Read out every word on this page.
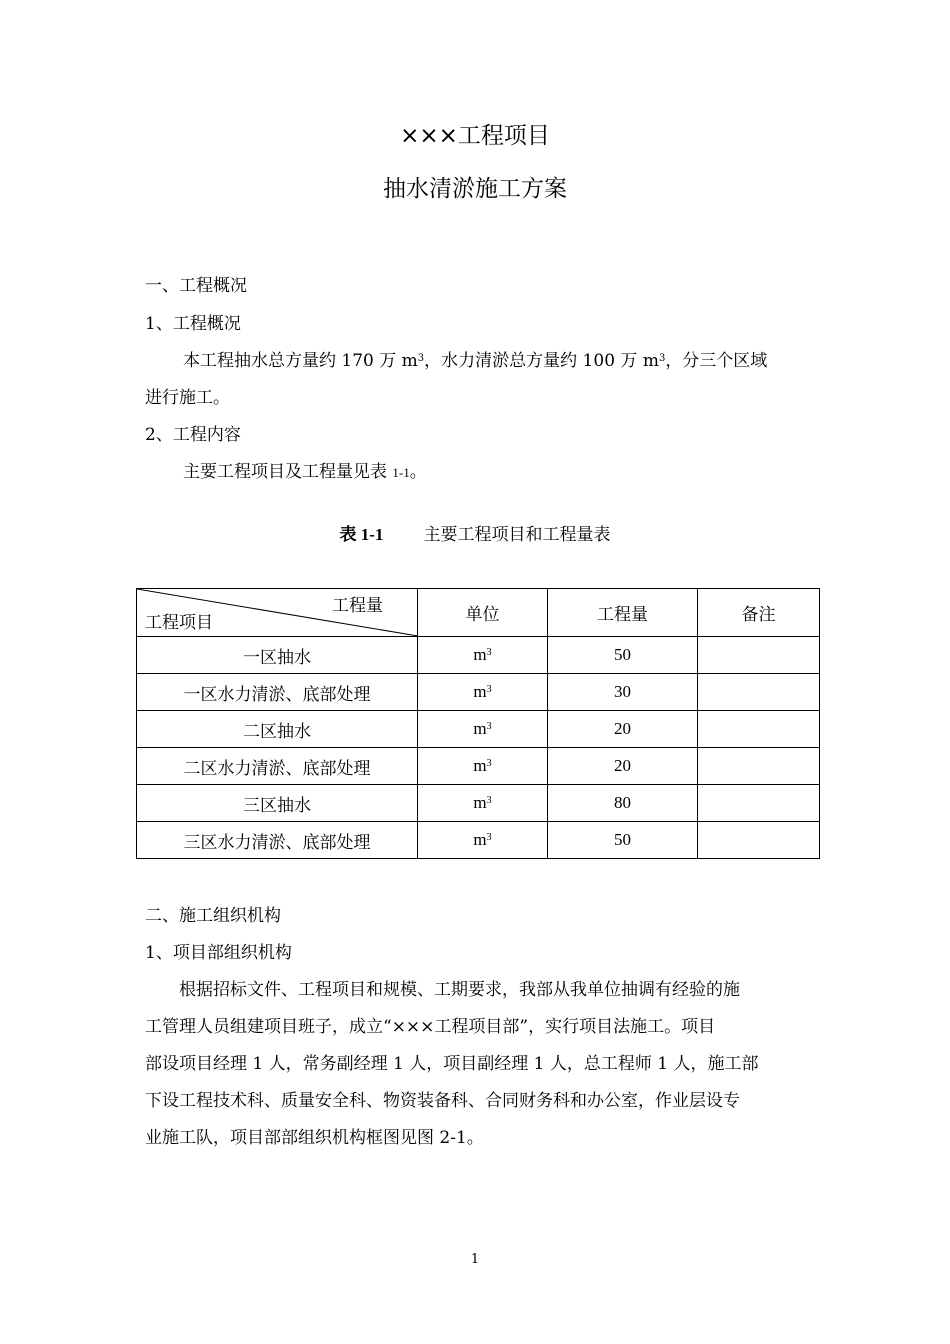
×××工程项目
抽水清淤施工方案
一、工程概况
1、工程概况
本工程抽水总方量约 170 万 $m^3$，水力清淤总方量约 100 万 $m^3$，分三个区域
进行施工。
2、工程内容
主要工程项目及工程量见表 1-1。
表 1-1 主要工程项目和工程量表
工程量
工程项目	单位	工程量	备注
一区抽水	$m^3$	50	
一区水力清淤、底部处理	$m^3$	30	
二区抽水	$m^3$	20	
二区水力清淤、底部处理	$m^3$	20	
三区抽水	$m^3$	80	
三区水力清淤、底部处理	$m^3$	50	
二、施工组织机构
1、项目部组织机构
　　根据招标文件、工程项目和规模、工期要求，我部从我单位抽调有经验的施
工管理人员组建项目班子，成立“×××工程项目部”，实行项目法施工。项目
部设项目经理 1 人，常务副经理 1 人，项目副经理 1 人，总工程师 1 人，施工部
下设工程技术科、质量安全科、物资装备科、合同财务科和办公室，作业层设专
业施工队，项目部部组织机构框图见图 2-1。
1
